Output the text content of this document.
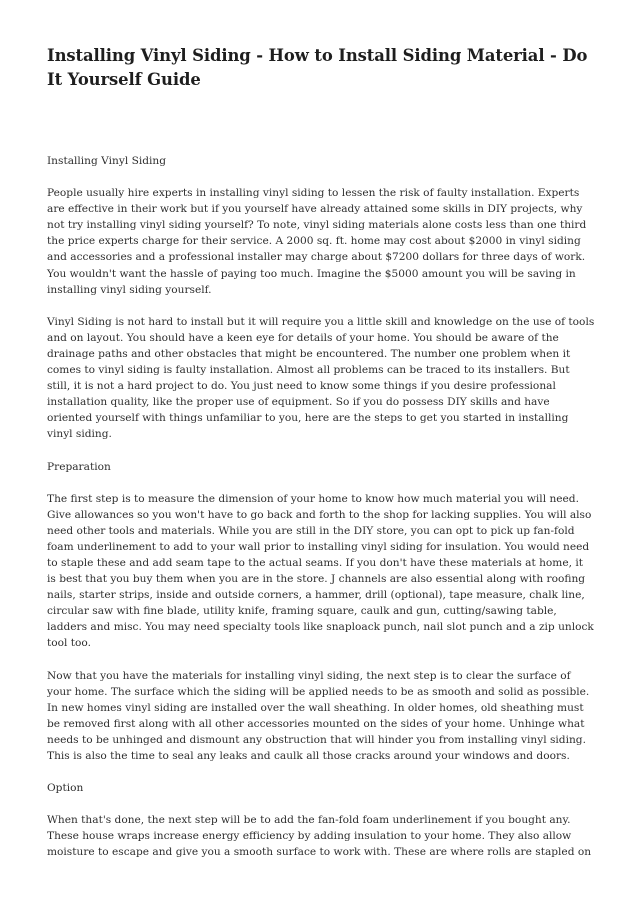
Installing Vinyl Siding - How to Install Siding Material - Do It Yourself Guide

Installing Vinyl Siding

People usually hire experts in installing vinyl siding to lessen the risk of faulty installation. Experts are effective in their work but if you yourself have already attained some skills in DIY projects, why not try installing vinyl siding yourself? To note, vinyl siding materials alone costs less than one third the price experts charge for their service. A 2000 sq. ft. home may cost about $2000 in vinyl siding and accessories and a professional installer may charge about $7200 dollars for three days of work. You wouldn't want the hassle of paying too much. Imagine the $5000 amount you will be saving in installing vinyl siding yourself.

Vinyl Siding is not hard to install but it will require you a little skill and knowledge on the use of tools and on layout. You should have a keen eye for details of your home. You should be aware of the drainage paths and other obstacles that might be encountered. The number one problem when it comes to vinyl siding is faulty installation. Almost all problems can be traced to its installers. But still, it is not a hard project to do. You just need to know some things if you desire professional installation quality, like the proper use of equipment. So if you do possess DIY skills and have oriented yourself with things unfamiliar to you, here are the steps to get you started in installing vinyl siding.

Preparation

The first step is to measure the dimension of your home to know how much material you will need. Give allowances so you won't have to go back and forth to the shop for lacking supplies. You will also need other tools and materials. While you are still in the DIY store, you can opt to pick up fan-fold foam underlinement to add to your wall prior to installing vinyl siding for insulation. You would need to staple these and add seam tape to the actual seams. If you don't have these materials at home, it is best that you buy them when you are in the store. J channels are also essential along with roofing nails, starter strips, inside and outside corners, a hammer, drill (optional), tape measure, chalk line, circular saw with fine blade, utility knife, framing square, caulk and gun, cutting/sawing table, ladders and misc. You may need specialty tools like snaploack punch, nail slot punch and a zip unlock tool too.

Now that you have the materials for installing vinyl siding, the next step is to clear the surface of your home. The surface which the siding will be applied needs to be as smooth and solid as possible. In new homes vinyl siding are installed over the wall sheathing. In older homes, old sheathing must be removed first along with all other accessories mounted on the sides of your home. Unhinge what needs to be unhinged and dismount any obstruction that will hinder you from installing vinyl siding. This is also the time to seal any leaks and caulk all those cracks around your windows and doors.

Option

When that's done, the next step will be to add the fan-fold foam underlinement if you bought any. These house wraps increase energy efficiency by adding insulation to your home. They also allow moisture to escape and give you a smooth surface to work with. These are where rolls are stapled on
